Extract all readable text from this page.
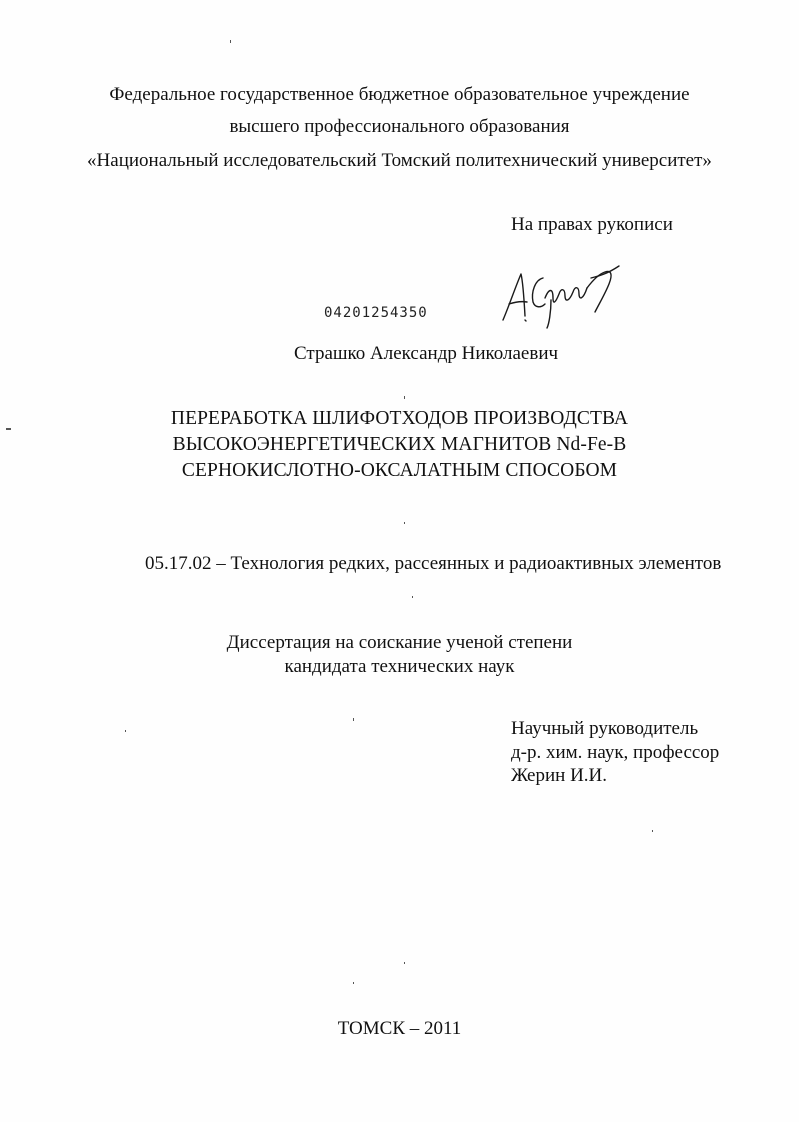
Федеральное государственное бюджетное образовательное учреждение
высшего профессионального образования
«Национальный исследовательский Томский политехнический университет»
На правах рукописи
04201254350
Страшко Александр Николаевич
ПЕРЕРАБОТКА ШЛИФОТХОДОВ ПРОИЗВОДСТВА
ВЫСОКОЭНЕРГЕТИЧЕСКИХ МАГНИТОВ Nd-Fe-B
СЕРНОКИСЛОТНО-ОКСАЛАТНЫМ СПОСОБОМ
05.17.02 – Технология редких, рассеянных и радиоактивных элементов
Диссертация на соискание ученой степени
кандидата технических наук
Научный руководитель
д-р. хим. наук, профессор
Жерин И.И.
ТОМСК – 2011
